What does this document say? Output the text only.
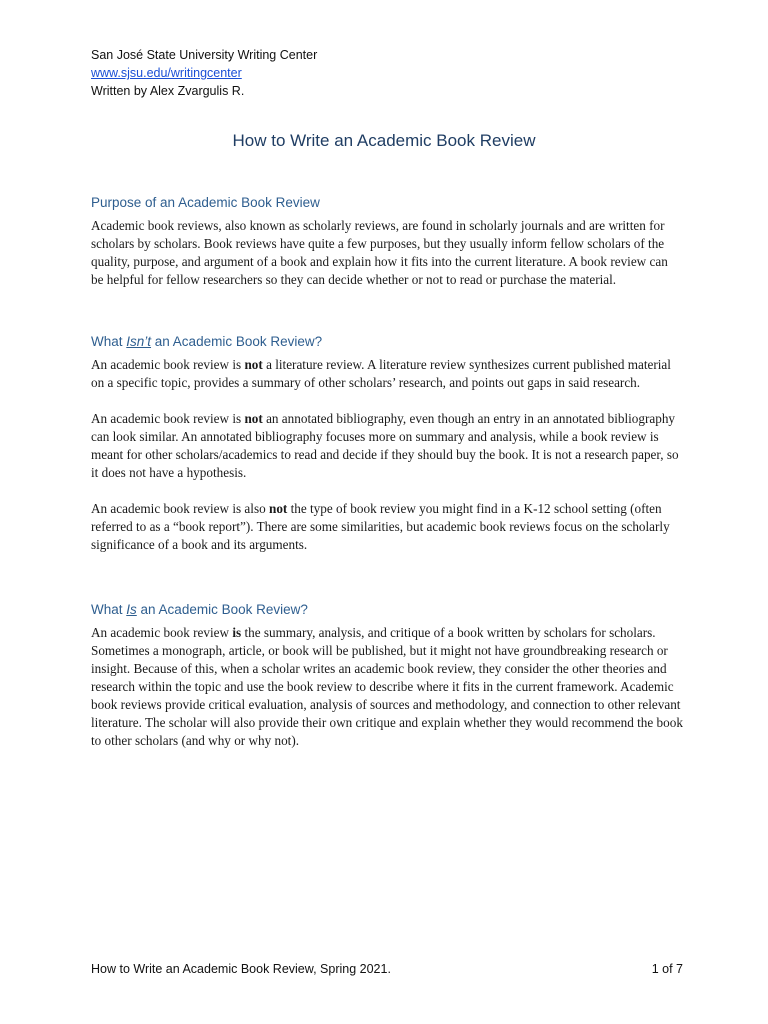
San José State University Writing Center
www.sjsu.edu/writingcenter
Written by Alex Zvargulis R.
How to Write an Academic Book Review
Purpose of an Academic Book Review

Academic book reviews, also known as scholarly reviews, are found in scholarly journals and are written for scholars by scholars. Book reviews have quite a few purposes, but they usually inform fellow scholars of the quality, purpose, and argument of a book and explain how it fits into the current literature. A book review can be helpful for fellow researchers so they can decide whether or not to read or purchase the material.

What Isn’t an Academic Book Review?

An academic book review is not a literature review. A literature review synthesizes current published material on a specific topic, provides a summary of other scholars’ research, and points out gaps in said research.

An academic book review is not an annotated bibliography, even though an entry in an annotated bibliography can look similar. An annotated bibliography focuses more on summary and analysis, while a book review is meant for other scholars/academics to read and decide if they should buy the book. It is not a research paper, so it does not have a hypothesis.

An academic book review is also not the type of book review you might find in a K-12 school setting (often referred to as a “book report”). There are some similarities, but academic book reviews focus on the scholarly significance of a book and its arguments.

What Is an Academic Book Review?

An academic book review is the summary, analysis, and critique of a book written by scholars for scholars. Sometimes a monograph, article, or book will be published, but it might not have groundbreaking research or insight. Because of this, when a scholar writes an academic book review, they consider the other theories and research within the topic and use the book review to describe where it fits in the current framework. Academic book reviews provide critical evaluation, analysis of sources and methodology, and connection to other relevant literature. The scholar will also provide their own critique and explain whether they would recommend the book to other scholars (and why or why not).

How to Write an Academic Book Review, Spring 2021.	1 of 7
